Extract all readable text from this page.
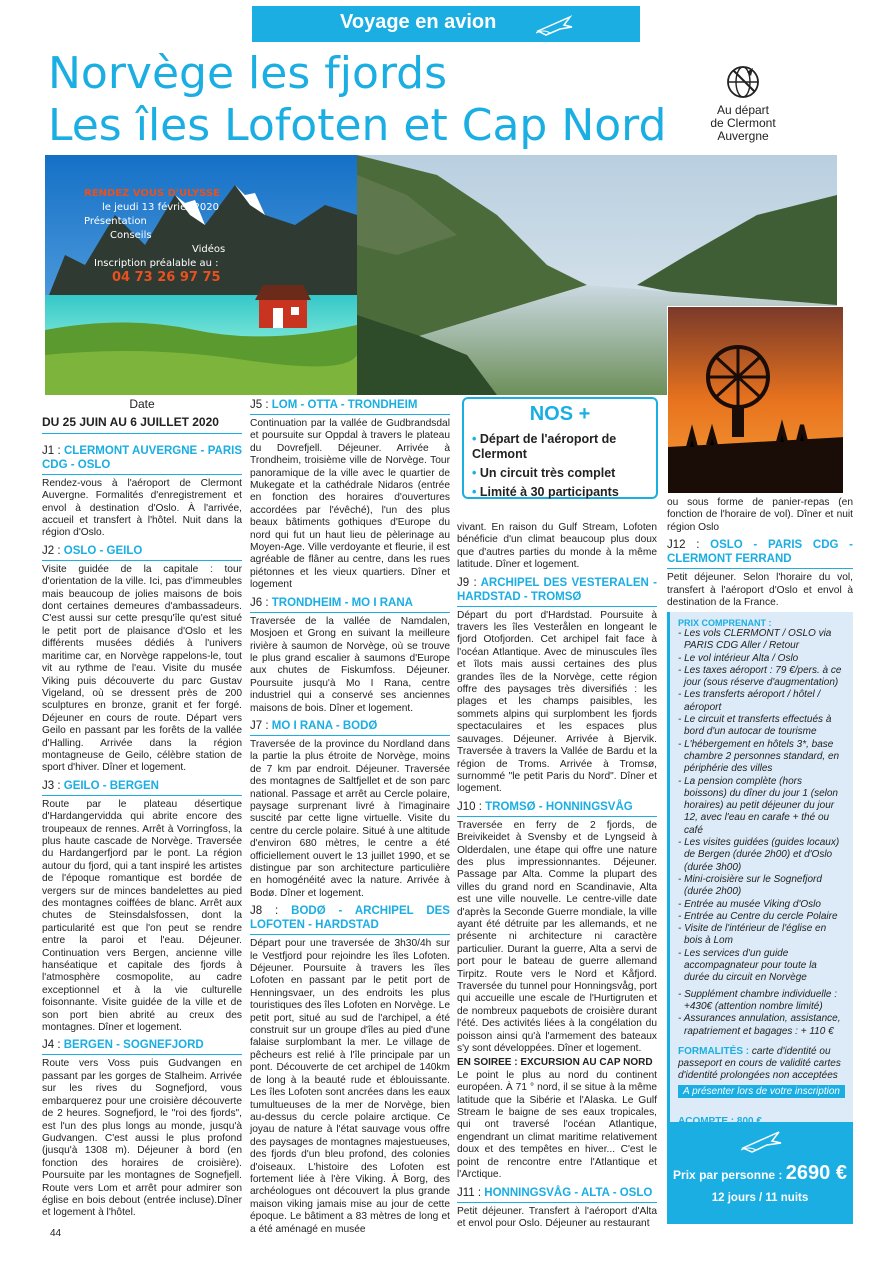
Voyage en avion
Norvège les fjords
Les îles Lofoten et Cap Nord	Au départ
de Clermont
Auvergne
RENDEZ VOUS D'ULYSSE
le jeudi 13 février 2020
Présentation
Conseils
Vidéos
Inscription préalable au :
04 73 26 97 75
NOS +
• Départ de l'aéroport de Clermont
• Un circuit très complet
• Limité à 30 participants
Date
DU 25 JUIN AU 6 JUILLET 2020
J1 : CLERMONT AUVERGNE - PARIS CDG - OSLO
Rendez-vous à l'aéroport de Clermont Auvergne. Formalités d'enregistrement et envol à destination d'Oslo. À l'arrivée, accueil et transfert à l'hôtel. Nuit dans la région d'Oslo.
J2 : OSLO - GEILO
Visite guidée de la capitale : tour d'orientation de la ville. Ici, pas d'immeubles mais beaucoup de jolies maisons de bois dont certaines demeures d'ambassadeurs. C'est aussi sur cette presqu'île qu'est situé le petit port de plaisance d'Oslo et les différents musées dédiés à l'univers maritime car, en Norvège rappelons-le, tout vit au rythme de l'eau. Visite du musée Viking puis découverte du parc Gustav Vigeland, où se dressent près de 200 sculptures en bronze, granit et fer forgé. Déjeuner en cours de route. Départ vers Geilo en passant par les forêts de la vallée d'Halling. Arrivée dans la région montagneuse de Geilo, célèbre station de sport d'hiver. Dîner et logement.
J3 : GEILO - BERGEN
Route par le plateau désertique d'Hardangervidda qui abrite encore des troupeaux de rennes. Arrêt à Vorringfoss, la plus haute cascade de Norvège. Traversée du Hardangerfjord par le pont. La région autour du fjord, qui a tant inspiré les artistes de l'époque romantique est bordée de vergers sur de minces bandelettes au pied des montagnes coiffées de blanc. Arrêt aux chutes de Steinsdalsfossen, dont la particularité est que l'on peut se rendre entre la paroi et l'eau. Déjeuner. Continuation vers Bergen, ancienne ville hanséatique et capitale des fjords à l'atmosphère cosmopolite, au cadre exceptionnel et à la vie culturelle foisonnante. Visite guidée de la ville et de son port bien abrité au creux des montagnes. Dîner et logement.
J4 : BERGEN - SOGNEFJORD
Route vers Voss puis Gudvangen en passant par les gorges de Stalheim. Arrivée sur les rives du Sognefjord, vous embarquerez pour une croisière découverte de 2 heures. Sognefjord, le "roi des fjords", est l'un des plus longs au monde, jusqu'à Gudvangen. C'est aussi le plus profond (jusqu'à 1308 m). Déjeuner à bord (en fonction des horaires de croisière). Poursuite par les montagnes de Sognefjell. Route vers Lom et arrêt pour admirer son église en bois debout (entrée incluse).Dîner et logement à l'hôtel.
J5 : LOM - OTTA - TRONDHEIM
Continuation par la vallée de Gudbrandsdal et poursuite sur Oppdal à travers le plateau du Dovrefjell. Déjeuner. Arrivée à Trondheim, troisième ville de Norvège. Tour panoramique de la ville avec le quartier de Mukegate et la cathédrale Nidaros (entrée en fonction des horaires d'ouvertures accordées par l'évêché), l'un des plus beaux bâtiments gothiques d'Europe du nord qui fut un haut lieu de pèlerinage au Moyen-Age. Ville verdoyante et fleurie, il est agréable de flâner au centre, dans les rues piétonnes et les vieux quartiers. Dîner et logement
J6 : TRONDHEIM - MO I RANA
Traversée de la vallée de Namdalen, Mosjoen et Grong en suivant la meilleure rivière à saumon de Norvège, où se trouve le plus grand escalier à saumons d'Europe aux chutes de Fiskumfoss. Déjeuner. Poursuite jusqu'à Mo I Rana, centre industriel qui a conservé ses anciennes maisons de bois. Dîner et logement.
J7 : MO I RANA - BODØ
Traversée de la province du Nordland dans la partie la plus étroite de Norvège, moins de 7 km par endroit. Déjeuner. Traversée des montagnes de Saltfjellet et de son parc national. Passage et arrêt au Cercle polaire, paysage surprenant livré à l'imaginaire suscité par cette ligne virtuelle. Visite du centre du cercle polaire. Situé à une altitude d'environ 680 mètres, le centre a été officiellement ouvert le 13 juillet 1990, et se distingue par son architecture particulière en homogénéité avec la nature. Arrivée à Bodø. Dîner et logement.
J8 : BODØ - ARCHIPEL DES LOFOTEN - HARDSTAD
Départ pour une traversée de 3h30/4h sur le Vestfjord pour rejoindre les îles Lofoten. Déjeuner. Poursuite à travers les îles Lofoten en passant par le petit port de Henningsvaer, un des endroits les plus touristiques des îles Lofoten en Norvège. Le petit port, situé au sud de l'archipel, a été construit sur un groupe d'îles au pied d'une falaise surplombant la mer. Le village de pêcheurs est relié à l'île principale par un pont. Découverte de cet archipel de 140km de long à la beauté rude et éblouissante. Les îles Lofoten sont ancrées dans les eaux tumultueuses de la mer de Norvège, bien au-dessus du cercle polaire arctique. Ce joyau de nature à l'état sauvage vous offre des paysages de montagnes majestueuses, des fjords d'un bleu profond, des colonies d'oiseaux. L'histoire des Lofoten est fortement liée à l'ère Viking. À Borg, des archéologues ont découvert la plus grande maison viking jamais mise au jour de cette époque. Le bâtiment a 83 mètres de long et a été aménagé en musée
vivant. En raison du Gulf Stream, Lofoten bénéficie d'un climat beaucoup plus doux que d'autres parties du monde à la même latitude. Dîner et logement.
J9 : ARCHIPEL DES VESTERALEN - HARDSTAD - TROMSØ
Départ du port d'Hardstad. Poursuite à travers les îles Vesterålen en longeant le fjord Otofjorden. Cet archipel fait face à l'océan Atlantique. Avec de minuscules îles et îlots mais aussi certaines des plus grandes îles de la Norvège, cette région offre des paysages très diversifiés : les plages et les champs paisibles, les sommets alpins qui surplombent les fjords spectaculaires et les espaces plus sauvages. Déjeuner. Arrivée à Bjervik. Traversée à travers la Vallée de Bardu et la région de Troms. Arrivée à Tromsø, surnommé "le petit Paris du Nord". Dîner et logement.
J10 : TROMSØ - HONNINGSVÅG
Traversée en ferry de 2 fjords, de Breivikeidet à Svensby et de Lyngseid à Olderdalen, une étape qui offre une nature des plus impressionnantes. Déjeuner. Passage par Alta. Comme la plupart des villes du grand nord en Scandinavie, Alta est une ville nouvelle. Le centre-ville date d'après la Seconde Guerre mondiale, la ville ayant été détruite par les allemands, et ne présente ni architecture ni caractère particulier. Durant la guerre, Alta a servi de port pour le bateau de guerre allemand Tirpitz. Route vers le Nord et Kåfjord. Traversée du tunnel pour Honningsvåg, port qui accueille une escale de l'Hurtigruten et de nombreux paquebots de croisière durant l'été. Des activités liées à la congélation du poisson ainsi qu'à l'armement des bateaux s'y sont développées. Dîner et logement.
EN SOIREE : EXCURSION AU CAP NORD
Le point le plus au nord du continent européen. À 71 ° nord, il se situe à la même latitude que la Sibérie et l'Alaska. Le Gulf Stream le baigne de ses eaux tropicales, qui ont traversé l'océan Atlantique, engendrant un climat maritime relativement doux et des tempêtes en hiver... C'est le point de rencontre entre l'Atlantique et l'Arctique.
J11 : HONNINGSVÅG - ALTA - OSLO
Petit déjeuner. Transfert à l'aéroport d'Alta et envol pour Oslo. Déjeuner au restaurant
ou sous forme de panier-repas (en fonction de l'horaire de vol). Dîner et nuit région Oslo
J12 : OSLO - PARIS CDG - CLERMONT FERRAND
Petit déjeuner. Selon l'horaire du vol, transfert à l'aéroport d'Oslo et envol à destination de la France.
PRIX COMPRENANT :
- Les vols CLERMONT / OSLO via PARIS CDG Aller / Retour
- Le vol intérieur Alta / Oslo
- Les taxes aéroport : 79 €/pers. à ce jour (sous réserve d'augmentation)
- Les transferts aéroport / hôtel / aéroport
- Le circuit et transferts effectués à bord d'un autocar de tourisme
- L'hébergement en hôtels 3*, base chambre 2 personnes standard, en périphérie des villes
- La pension complète (hors boissons) du dîner du jour 1 (selon horaires) au petit déjeuner du jour 12, avec l'eau en carafe + thé ou café
- Les visites guidées (guides locaux) de Bergen (durée 2h00) et d'Oslo (durée 3h00)
- Mini-croisière sur le Sognefjord (durée 2h00)
- Entrée au musée Viking d'Oslo
- Entrée au Centre du cercle Polaire
- Visite de l'intérieur de l'église en bois à Lom
- Les services d'un guide accompagnateur pour toute la durée du circuit en Norvège
- Supplément chambre individuelle : +430€ (attention nombre limité)
- Assurances annulation, assistance, rapatriement et bagages : + 110 €
FORMALITÉS : carte d'identité ou passeport en cours de validité cartes d'identité prolongées non acceptées
A présenter lors de votre inscription
Prix par personne : 2690 €
12 jours / 11 nuits
44
